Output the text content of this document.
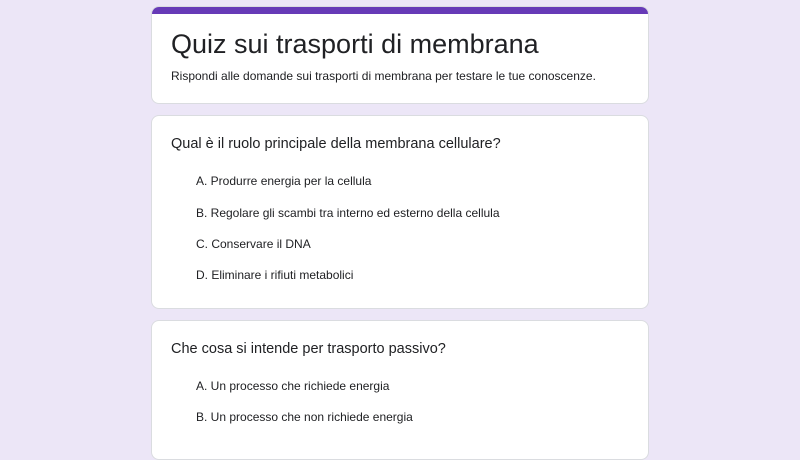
Quiz sui trasporti di membrana
Rispondi alle domande sui trasporti di membrana per testare le tue conoscenze.
Qual è il ruolo principale della membrana cellulare?
A. Produrre energia per la cellula
B. Regolare gli scambi tra interno ed esterno della cellula
C. Conservare il DNA
D. Eliminare i rifiuti metabolici
Che cosa si intende per trasporto passivo?
A. Un processo che richiede energia
B. Un processo che non richiede energia
